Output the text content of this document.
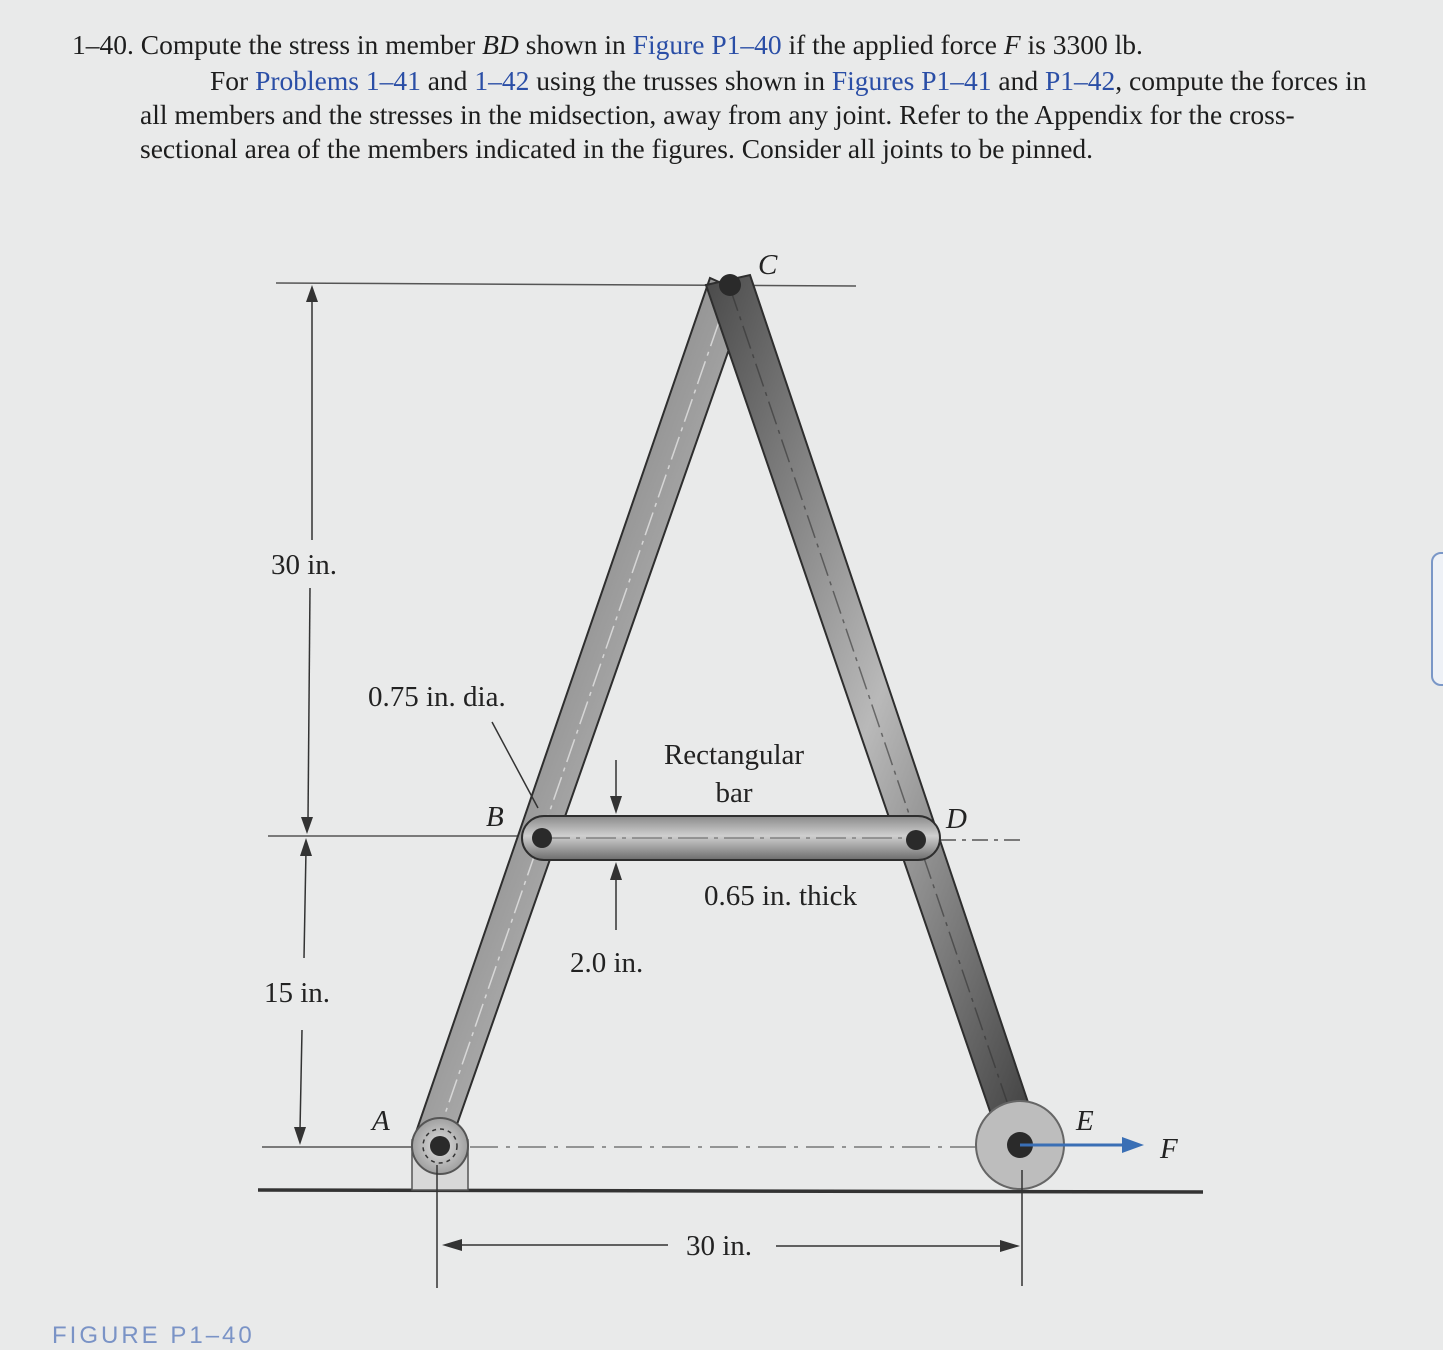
1–40. Compute the stress in member BD shown in Figure P1–40 if the applied force F is 3300 lb.

For Problems 1–41 and 1–42 using the trusses shown in Figures P1–41 and P1–42, compute the forces in all members and the stresses in the midsection, away from any joint. Refer to the Appendix for the cross-sectional area of the members indicated in the figures. Consider all joints to be pinned.

30 in.
15 in.
0.75 in. dia.
Rectangular
bar
0.65 in. thick
2.0 in.
30 in.
A
B
C
D
E
F
FIGURE P1–40
